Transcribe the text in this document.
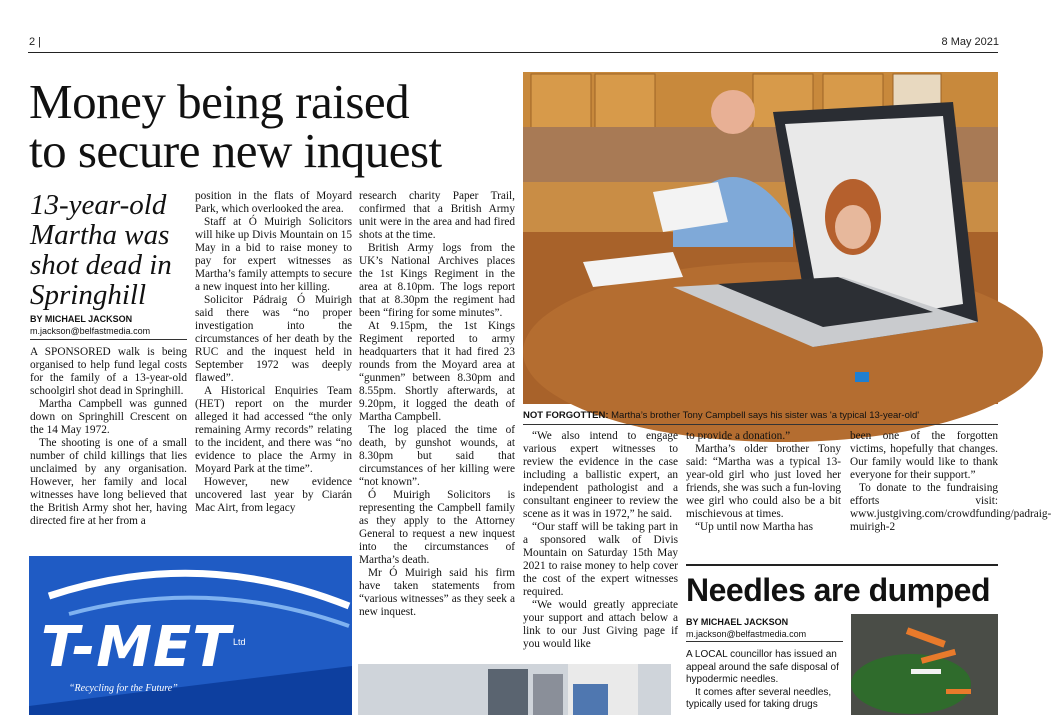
2 |	8 May 2021
Money being raised
to secure new inquest
13-year-old
Martha was
shot dead in
Springhill
BY MICHAEL JACKSON
m.jackson@belfastmedia.com

A SPONSORED walk is being organised to help fund legal costs for the family of a 13-year-old schoolgirl shot dead in Springhill.

Martha Campbell was gunned down on Springhill Crescent on the 14 May 1972.

The shooting is one of a small number of child killings that lies unclaimed by any organisation. However, her family and local witnesses have long believed that the British Army shot her, having directed fire at her from a

position in the flats of Moyard Park, which overlooked the area.

Staff at Ó Muirigh Solicitors will hike up Divis Mountain on 15 May in a bid to raise money to pay for expert witnesses as Martha’s family attempts to secure a new inquest into her killing.

Solicitor Pádraig Ó Muirigh said there was “no proper investigation into the circumstances of her death by the RUC and the inquest held in September 1972 was deeply flawed”.

A Historical Enquiries Team (HET) report on the murder alleged it had accessed “the only remaining Army records” relating to the incident, and there was “no evidence to place the Army in Moyard Park at the time”.

However, new evidence uncovered last year by Ciarán Mac Airt, from legacy

research charity Paper Trail, confirmed that a British Army unit were in the area and had fired shots at the time.

British Army logs from the UK’s National Archives places the 1st Kings Regiment in the area at 8.10pm. The logs report that at 8.30pm the regiment had been “firing for some minutes”.

At 9.15pm, the 1st Kings Regiment reported to army headquarters that it had fired 23 rounds from the Moyard area at “gunmen” between 8.30pm and 8.55pm. Shortly afterwards, at 9.20pm, it logged the death of Martha Campbell.

The log placed the time of death, by gunshot wounds, at 8.30pm but said that circumstances of her killing were “not known”.

Ó Muirigh Solicitors is representing the Campbell family as they apply to the Attorney General to request a new inquest into the circumstances of Martha’s death.

Mr Ó Muirigh said his firm have taken statements from “various witnesses” as they seek a new inquest.

NOT FORGOTTEN: Martha’s brother Tony Campbell says his sister was 'a typical 13-year-old'

“We also intend to engage various expert witnesses to review the evidence in the case including a ballistic expert, an independent pathologist and a consultant engineer to review the scene as it was in 1972,” he said.

“Our staff will be taking part in a sponsored walk of Divis Mountain on Saturday 15th May 2021 to raise money to help cover the cost of the expert witnesses required.

“We would greatly appreciate your support and attach below a link to our Just Giving page if you would like

to provide a donation.”

Martha’s older brother Tony said: “Martha was a typical 13-year-old girl who just loved her friends, she was such a fun-loving wee girl who could also be a bit mischievous at times.

“Up until now Martha has

been one of the forgotten victims, hopefully that changes. Our family would like to thank everyone for their support.”

To donate to the fundraising efforts visit: www.justgiving.com/crowdfunding/padraig-muirigh-2

T-MET Ltd
“Recycling for the Future”
Needles are dumped
BY MICHAEL JACKSON
m.jackson@belfastmedia.com

A LOCAL councillor has issued an appeal around the safe disposal of hypodermic needles.

It comes after several needles, typically used for taking drugs
